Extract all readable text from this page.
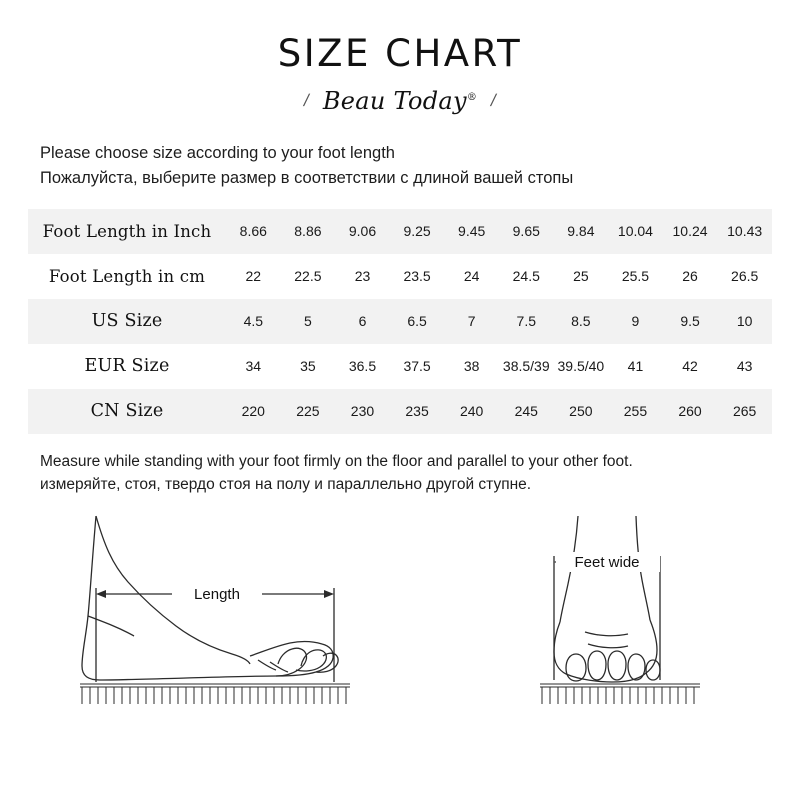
SIZE CHART
/ Beau Today® /
Please choose size according to your foot length
Пожалуйста, выберите размер в соответствии с длиной вашей стопы
Foot Length in Inch	8.66	8.86	9.06	9.25	9.45	9.65	9.84	10.04	10.24	10.43
Foot Length in cm	22	22.5	23	23.5	24	24.5	25	25.5	26	26.5
US Size	4.5	5	6	6.5	7	7.5	8.5	9	9.5	10
EUR Size	34	35	36.5	37.5	38	38.5/39	39.5/40	41	42	43
CN Size	220	225	230	235	240	245	250	255	260	265
Measure while standing with your foot firmly on the floor and parallel to your other foot.
измеряйте, стоя, твердо стоя на полу и параллельно другой ступне.
Length
Feet wide
